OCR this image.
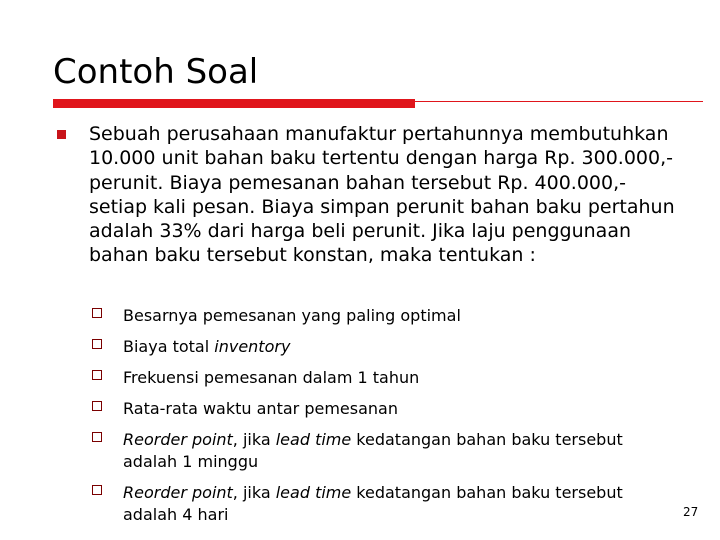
Contoh Soal

Sebuah perusahaan manufaktur pertahunnya membutuhkan 10.000 unit bahan baku tertentu dengan harga Rp. 300.000,- perunit. Biaya pemesanan bahan tersebut Rp. 400.000,- setiap kali pesan. Biaya simpan perunit bahan baku pertahun adalah 33% dari harga beli perunit. Jika laju penggunaan bahan baku tersebut konstan, maka tentukan :

Besarnya pemesanan yang paling optimal

Biaya total inventory

Frekuensi pemesanan dalam 1 tahun

Rata-rata waktu antar pemesanan

Reorder point, jika lead time kedatangan bahan baku tersebut adalah 1 minggu

Reorder point, jika lead time kedatangan bahan baku tersebut adalah 4 hari	27
